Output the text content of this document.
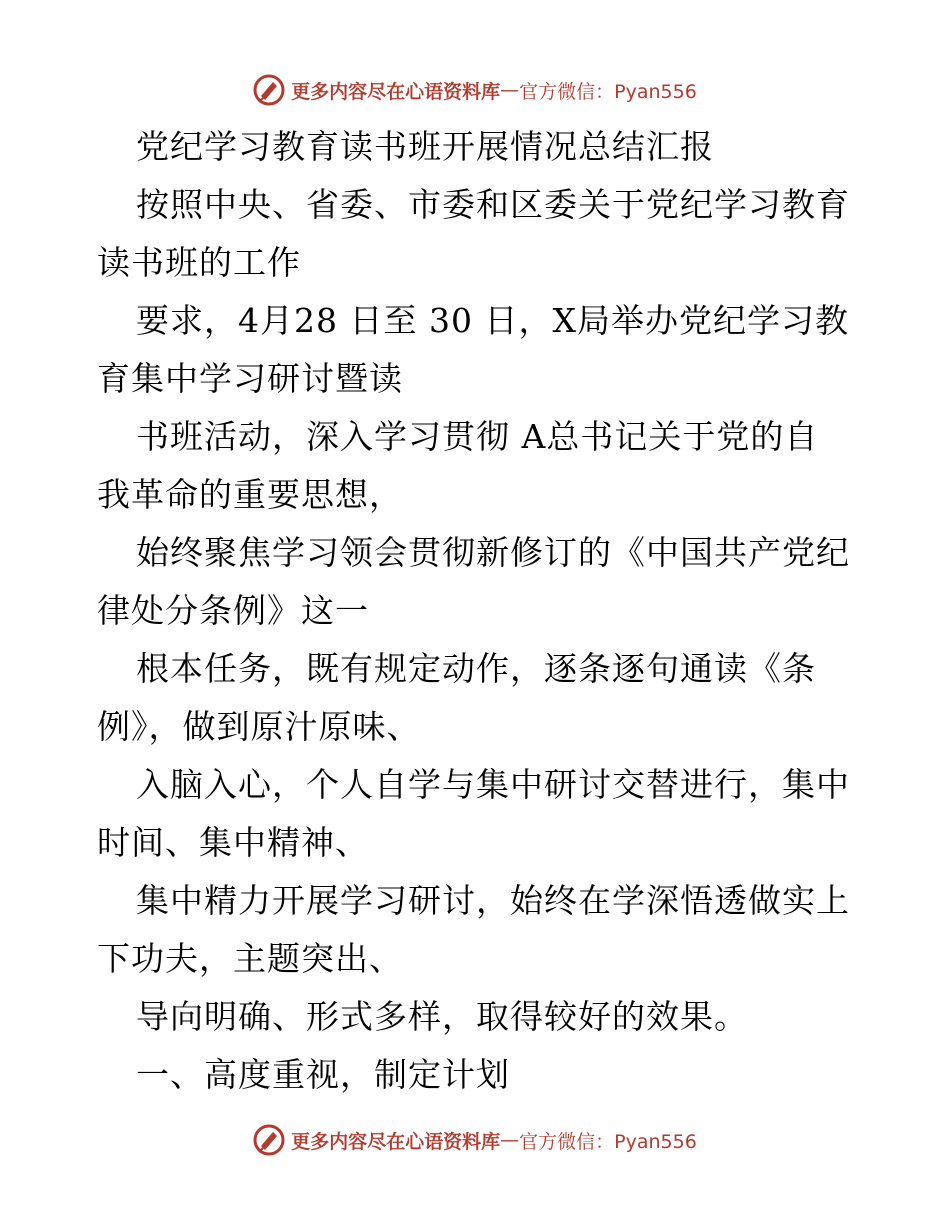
更多内容尽在心语资料库 — 官方微信：Pyan556
党纪学习教育读书班开展情况总结汇报
按照中央、省委、市委和区委关于党纪学习教育
读书班的工作
要求，4月28 日至 30 日，X局举办党纪学习教
育集中学习研讨暨读
书班活动，深入学习贯彻 A总书记关于党的自
我革命的重要思想，
始终聚焦学习领会贯彻新修订的《中国共产党纪
律处分条例》这一
根本任务，既有规定动作，逐条逐句通读《条
例》，做到原汁原味、
入脑入心，个人自学与集中研讨交替进行，集中
时间、集中精神、
集中精力开展学习研讨，始终在学深悟透做实上
下功夫，主题突出、
导向明确、形式多样，取得较好的效果。
一、高度重视，制定计划
更多内容尽在心语资料库 — 官方微信：Pyan556
